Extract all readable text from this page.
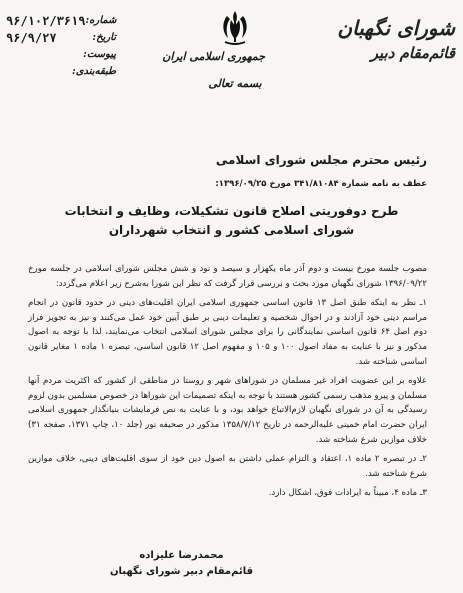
شورای نگهبان
قائم‌مقام دبیر
جمهوری اسلامی ایران
بسمه تعالی
۹۶/۱۰۲/۳۶۱۹ شماره:
۹۶/۹/۲۷	تاریخ:
پیوست:
طبقه‌بندی:
رئیس محترم مجلس شورای اسلامی
عطف به نامه شماره ۳۴۱/۸۱۰۸۴ مورخ ۱۳۹۶/۰۹/۲۵:
طرح دوفوریتی اصلاح قانون تشکیلات، وظایف و انتخابات
شورای اسلامی کشور و انتخاب شهرداران

مصوب جلسه مورخ بیست و دوم آذر ماه یکهزار و سیصد و نود و شش مجلس شورای اسلامی در جلسه مورخ ۱۳۹۶/۰۹/۲۲ شورای نگهبان مورد بحث و بررسی قرار گرفت که نظر این شورا به‌شرح زیر اعلام می‌گردد:

۱ـ نظر به اینکه طبق اصل ۱۳ قانون اساسی جمهوری اسلامی ایران اقلیت‌های دینی در حدود قانون در انجام مراسم دینی خود آزادند و در احوال شخصیه و تعلیمات دینی بر طبق آیین خود عمل می‌کنند و نیز به تجویز فراز دوم اصل ۶۴ قانون اساسی نمایندگانی را برای مجلس شورای اسلامی انتخاب می‌نمایند، لذا با توجه به اصول مذکور و نیز با عنایت به مفاد اصول ۱۰۰ و ۱۰۵ و مفهوم اصل ۱۲ قانون اساسی، تبصره ۱ ماده ۱ مغایر قانون اساسی شناخته شد.

علاوه بر این عضویت افراد غیر مسلمان در شوراهای شهر و روستا در مناطقی از کشور که اکثریت مردم آنها مسلمان و پیرو مذهب رسمی کشور هستند با توجه به اینکه تصمیمات این شوراها در خصوص مسلمین بدون لزوم رسیدگی به آن در شورای نگهبان لازم‌الاتباع خواهد بود، و با عنایت به نص فرمایشات بنیانگذار جمهوری اسلامی ایران حضرت امام خمینی علیه‌الرحمه در تاریخ ۱۳۵۸/۷/۱۲ مذکور در صحیفه نور (جلد ۱۰، چاپ ۱۳۷۱، صفحه ۳۱) خلاف موازین شرع شناخته شد.

۲ـ در تبصره ۲ ماده ۱، اعتقاد و التزام عملی داشتن به اصول دین خود از سوی اقلیت‌های دینی، خلاف موازین شرع شناخته شد.

۳ـ ماده ۴، مبیناً به ایرادات فوق، اشکال دارد.

محمدرضا علیزاده
قائم‌مقام دبیر شورای نگهبان
